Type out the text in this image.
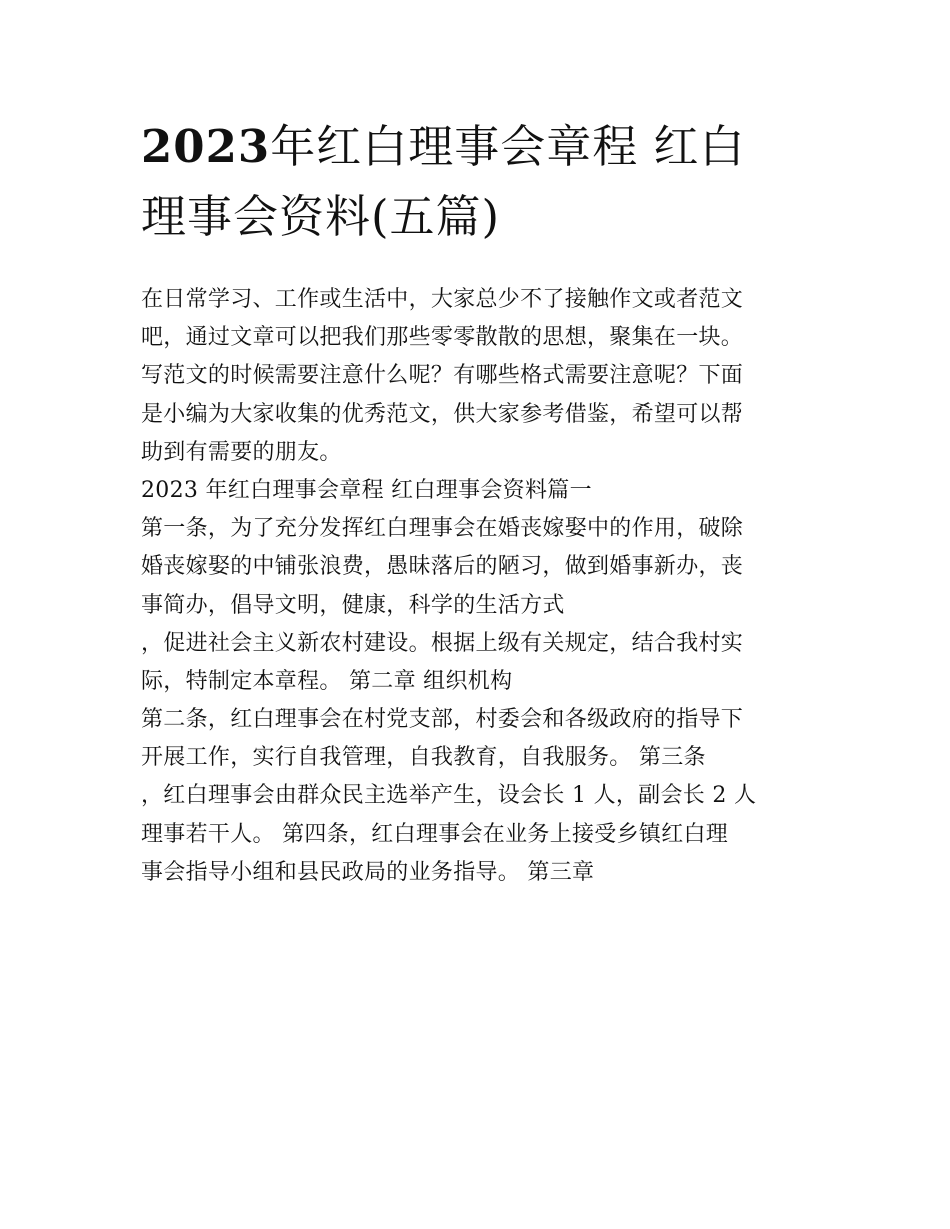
2023年红白理事会章程 红白
理事会资料(五篇)
在日常学习、工作或生活中，大家总少不了接触作文或者范文
吧，通过文章可以把我们那些零零散散的思想，聚集在一块。
写范文的时候需要注意什么呢？有哪些格式需要注意呢？下面
是小编为大家收集的优秀范文，供大家参考借鉴，希望可以帮
助到有需要的朋友。
2023 年红白理事会章程 红白理事会资料篇一
第一条，为了充分发挥红白理事会在婚丧嫁娶中的作用，破除
婚丧嫁娶的中铺张浪费，愚昧落后的陋习，做到婚事新办，丧
事简办，倡导文明，健康，科学的生活方式
，促进社会主义新农村建设。根据上级有关规定，结合我村实
际，特制定本章程。 第二章 组织机构
第二条，红白理事会在村党支部，村委会和各级政府的指导下
开展工作，实行自我管理，自我教育，自我服务。 第三条
，红白理事会由群众民主选举产生，设会长 1 人，副会长 2 人
理事若干人。 第四条，红白理事会在业务上接受乡镇红白理
事会指导小组和县民政局的业务指导。 第三章
